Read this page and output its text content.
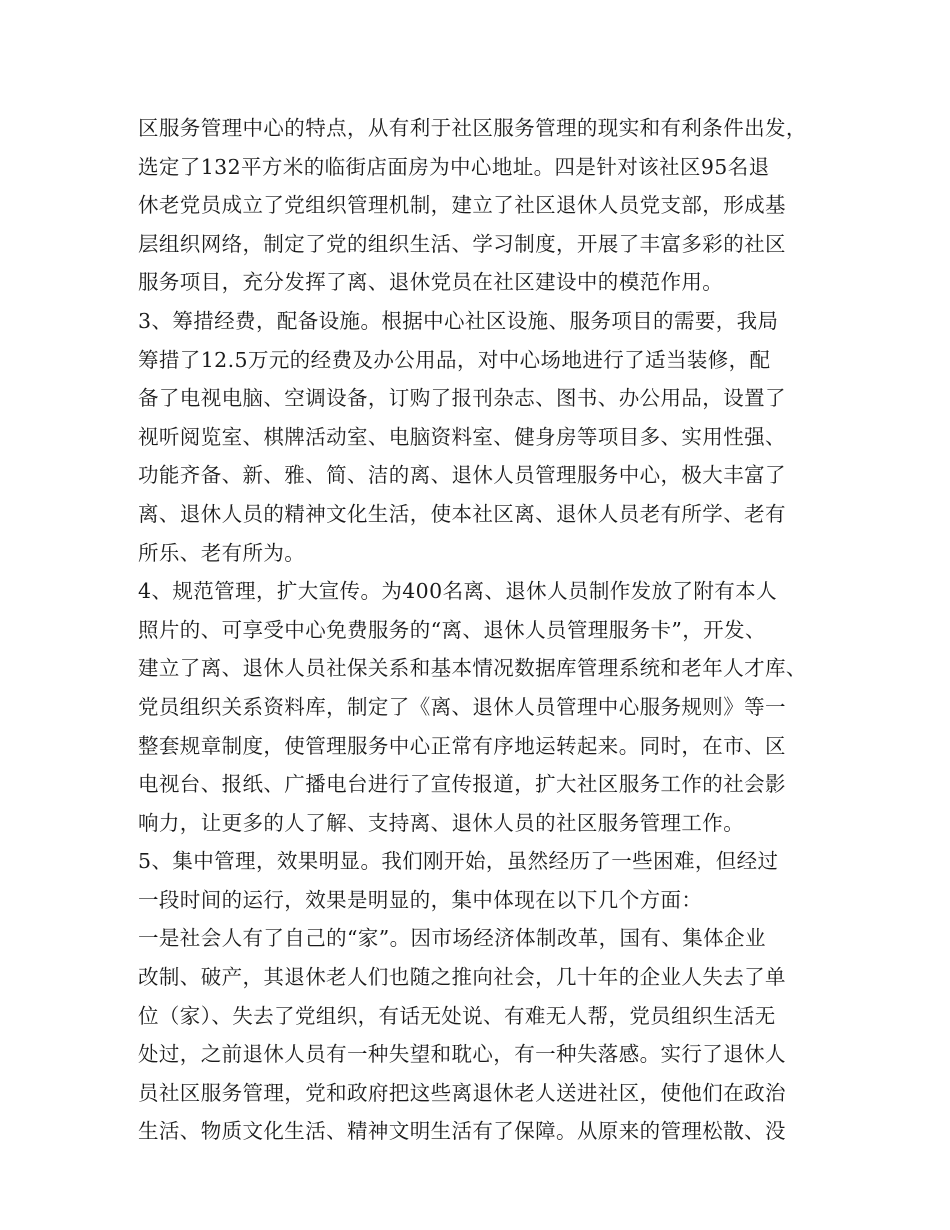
区服务管理中心的特点，从有利于社区服务管理的现实和有利条件出发，
选定了132平方米的临街店面房为中心地址。四是针对该社区95名退
休老党员成立了党组织管理机制，建立了社区退休人员党支部，形成基
层组织网络，制定了党的组织生活、学习制度，开展了丰富多彩的社区
服务项目，充分发挥了离、退休党员在社区建设中的模范作用。
3、筹措经费，配备设施。根据中心社区设施、服务项目的需要，我局
筹措了12.5万元的经费及办公用品，对中心场地进行了适当装修，配
备了电视电脑、空调设备，订购了报刊杂志、图书、办公用品，设置了
视听阅览室、棋牌活动室、电脑资料室、健身房等项目多、实用性强、
功能齐备、新、雅、简、洁的离、退休人员管理服务中心，极大丰富了
离、退休人员的精神文化生活，使本社区离、退休人员老有所学、老有
所乐、老有所为。
4、规范管理，扩大宣传。为400名离、退休人员制作发放了附有本人
照片的、可享受中心免费服务的“离、退休人员管理服务卡”，开发、
建立了离、退休人员社保关系和基本情况数据库管理系统和老年人才库、
党员组织关系资料库，制定了《离、退休人员管理中心服务规则》等一
整套规章制度，使管理服务中心正常有序地运转起来。同时，在市、区
电视台、报纸、广播电台进行了宣传报道，扩大社区服务工作的社会影
响力，让更多的人了解、支持离、退休人员的社区服务管理工作。
5、集中管理，效果明显。我们刚开始，虽然经历了一些困难，但经过
一段时间的运行，效果是明显的，集中体现在以下几个方面：
一是社会人有了自己的“家”。因市场经济体制改革，国有、集体企业
改制、破产，其退休老人们也随之推向社会，几十年的企业人失去了单
位（家）、失去了党组织，有话无处说、有难无人帮，党员组织生活无
处过，之前退休人员有一种失望和耽心，有一种失落感。实行了退休人
员社区服务管理，党和政府把这些离退休老人送进社区，使他们在政治
生活、物质文化生活、精神文明生活有了保障。从原来的管理松散、没
